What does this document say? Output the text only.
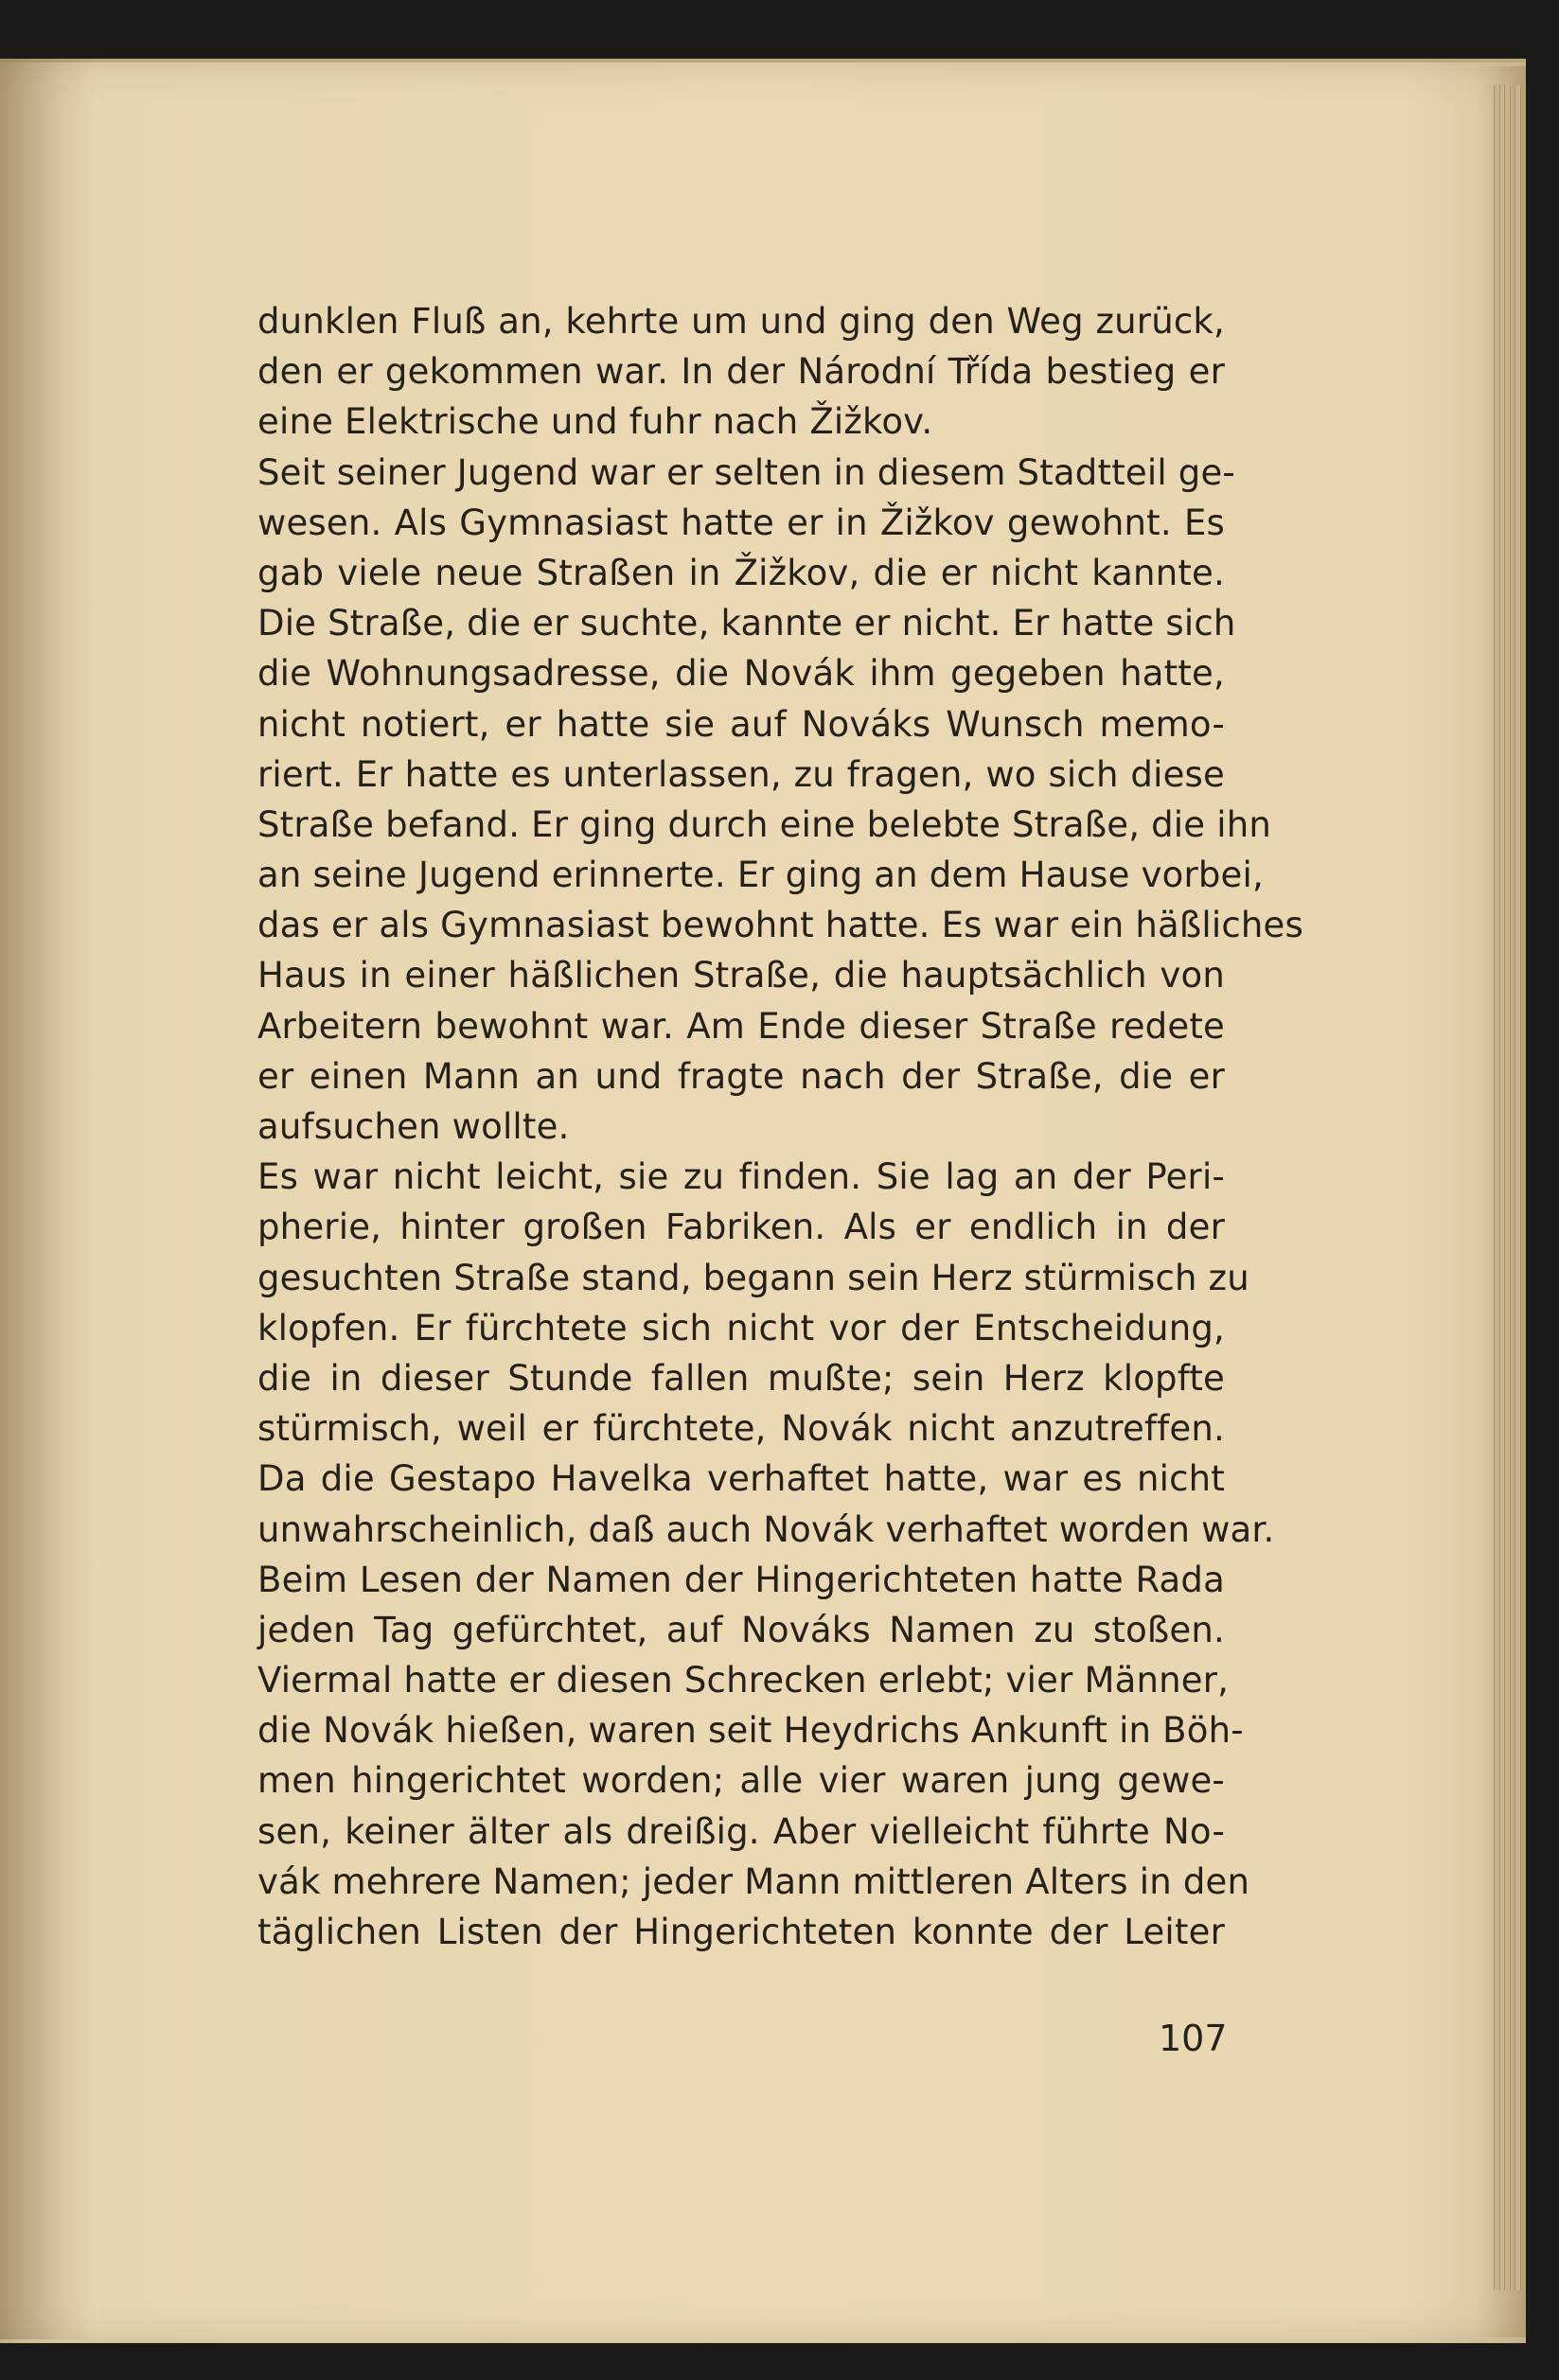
dunklen Fluß an, kehrte um und ging den Weg zurück,
den er gekommen war. In der Národní Třída bestieg er
eine Elektrische und fuhr nach Žižkov.
Seit seiner Jugend war er selten in diesem Stadtteil ge-
wesen. Als Gymnasiast hatte er in Žižkov gewohnt. Es
gab viele neue Straßen in Žižkov, die er nicht kannte.
Die Straße, die er suchte, kannte er nicht. Er hatte sich
die Wohnungsadresse, die Novák ihm gegeben hatte,
nicht notiert, er hatte sie auf Nováks Wunsch memo-
riert. Er hatte es unterlassen, zu fragen, wo sich diese
Straße befand. Er ging durch eine belebte Straße, die ihn
an seine Jugend erinnerte. Er ging an dem Hause vorbei,
das er als Gymnasiast bewohnt hatte. Es war ein häßliches
Haus in einer häßlichen Straße, die hauptsächlich von
Arbeitern bewohnt war. Am Ende dieser Straße redete
er einen Mann an und fragte nach der Straße, die er
aufsuchen wollte.
Es war nicht leicht, sie zu finden. Sie lag an der Peri-
pherie, hinter großen Fabriken. Als er endlich in der
gesuchten Straße stand, begann sein Herz stürmisch zu
klopfen. Er fürchtete sich nicht vor der Entscheidung,
die in dieser Stunde fallen mußte; sein Herz klopfte
stürmisch, weil er fürchtete, Novák nicht anzutreffen.
Da die Gestapo Havelka verhaftet hatte, war es nicht
unwahrscheinlich, daß auch Novák verhaftet worden war.
Beim Lesen der Namen der Hingerichteten hatte Rada
jeden Tag gefürchtet, auf Nováks Namen zu stoßen.
Viermal hatte er diesen Schrecken erlebt; vier Männer,
die Novák hießen, waren seit Heydrichs Ankunft in Böh-
men hingerichtet worden; alle vier waren jung gewe-
sen, keiner älter als dreißig. Aber vielleicht führte No-
vák mehrere Namen; jeder Mann mittleren Alters in den
täglichen Listen der Hingerichteten konnte der Leiter
107
